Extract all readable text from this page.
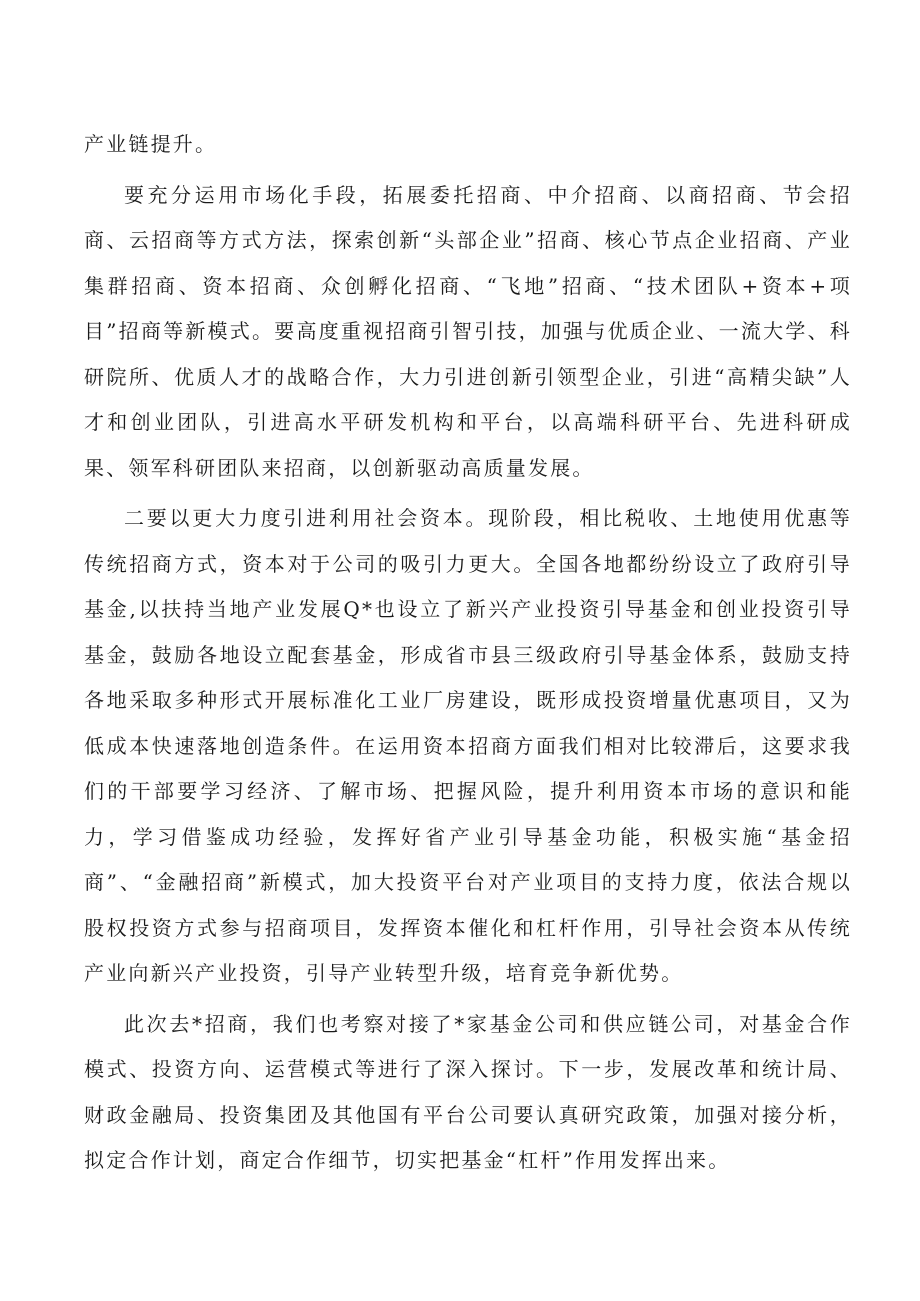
产业链提升。

要充分运用市场化手段，拓展委托招商、中介招商、以商招商、节会招商、云招商等方式方法，探索创新“头部企业”招商、核心节点企业招商、产业集群招商、资本招商、众创孵化招商、“飞地”招商、“技术团队+资本+项目”招商等新模式。要高度重视招商引智引技，加强与优质企业、一流大学、科研院所、优质人才的战略合作，大力引进创新引领型企业，引进“高精尖缺”人才和创业团队，引进高水平研发机构和平台，以高端科研平台、先进科研成果、领军科研团队来招商，以创新驱动高质量发展。

二要以更大力度引进利用社会资本。现阶段，相比税收、土地使用优惠等传统招商方式，资本对于公司的吸引力更大。全国各地都纷纷设立了政府引导基金,以扶持当地产业发展Q*也设立了新兴产业投资引导基金和创业投资引导基金，鼓励各地设立配套基金，形成省市县三级政府引导基金体系，鼓励支持各地采取多种形式开展标准化工业厂房建设，既形成投资增量优惠项目，又为低成本快速落地创造条件。在运用资本招商方面我们相对比较滞后，这要求我们的干部要学习经济、了解市场、把握风险，提升利用资本市场的意识和能力，学习借鉴成功经验，发挥好省产业引导基金功能，积极实施“基金招商”、“金融招商”新模式，加大投资平台对产业项目的支持力度，依法合规以股权投资方式参与招商项目，发挥资本催化和杠杆作用，引导社会资本从传统产业向新兴产业投资，引导产业转型升级，培育竞争新优势。

此次去*招商，我们也考察对接了*家基金公司和供应链公司，对基金合作模式、投资方向、运营模式等进行了深入探讨。下一步，发展改革和统计局、财政金融局、投资集团及其他国有平台公司要认真研究政策，加强对接分析，拟定合作计划，商定合作细节，切实把基金“杠杆”作用发挥出来。
